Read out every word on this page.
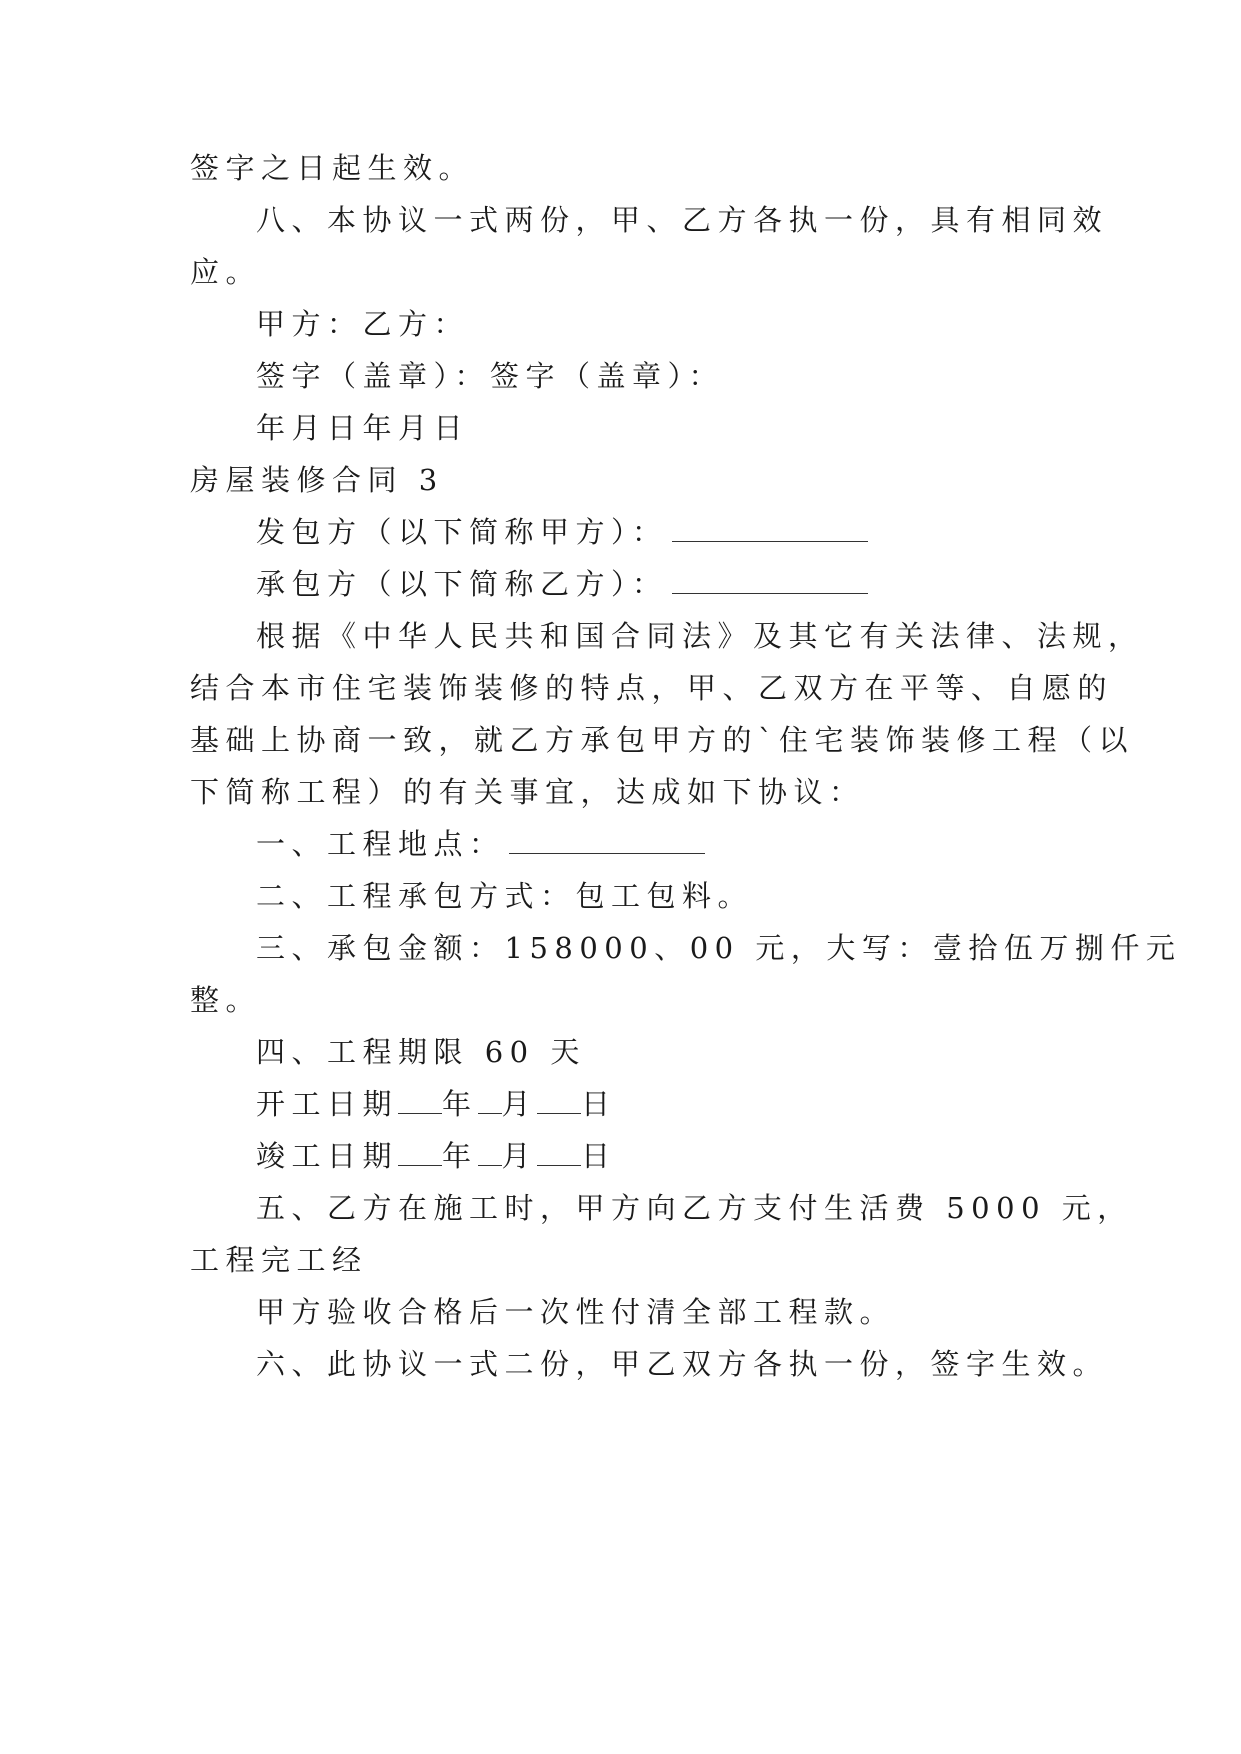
签字之日起生效。
八、本协议一式两份，甲、乙方各执一份，具有相同效
应。
甲方：乙方：
签字（盖章）：签字（盖章）：
年月日年月日
房屋装修合同 3
发包方（以下简称甲方）：
承包方（以下简称乙方）：
根据《中华人民共和国合同法》及其它有关法律、法规，
结合本市住宅装饰装修的特点，甲、乙双方在平等、自愿的
基础上协商一致，就乙方承包甲方的`住宅装饰装修工程（以
下简称工程）的有关事宜，达成如下协议：
一、工程地点：
二、工程承包方式：包工包料。
三、承包金额：158000、00 元，大写：壹拾伍万捌仟元
整。
四、工程期限 60 天
开工日期 年 月 日
竣工日期 年 月 日
五、乙方在施工时，甲方向乙方支付生活费 5000 元，
工程完工经
甲方验收合格后一次性付清全部工程款。
六、此协议一式二份，甲乙双方各执一份，签字生效。
